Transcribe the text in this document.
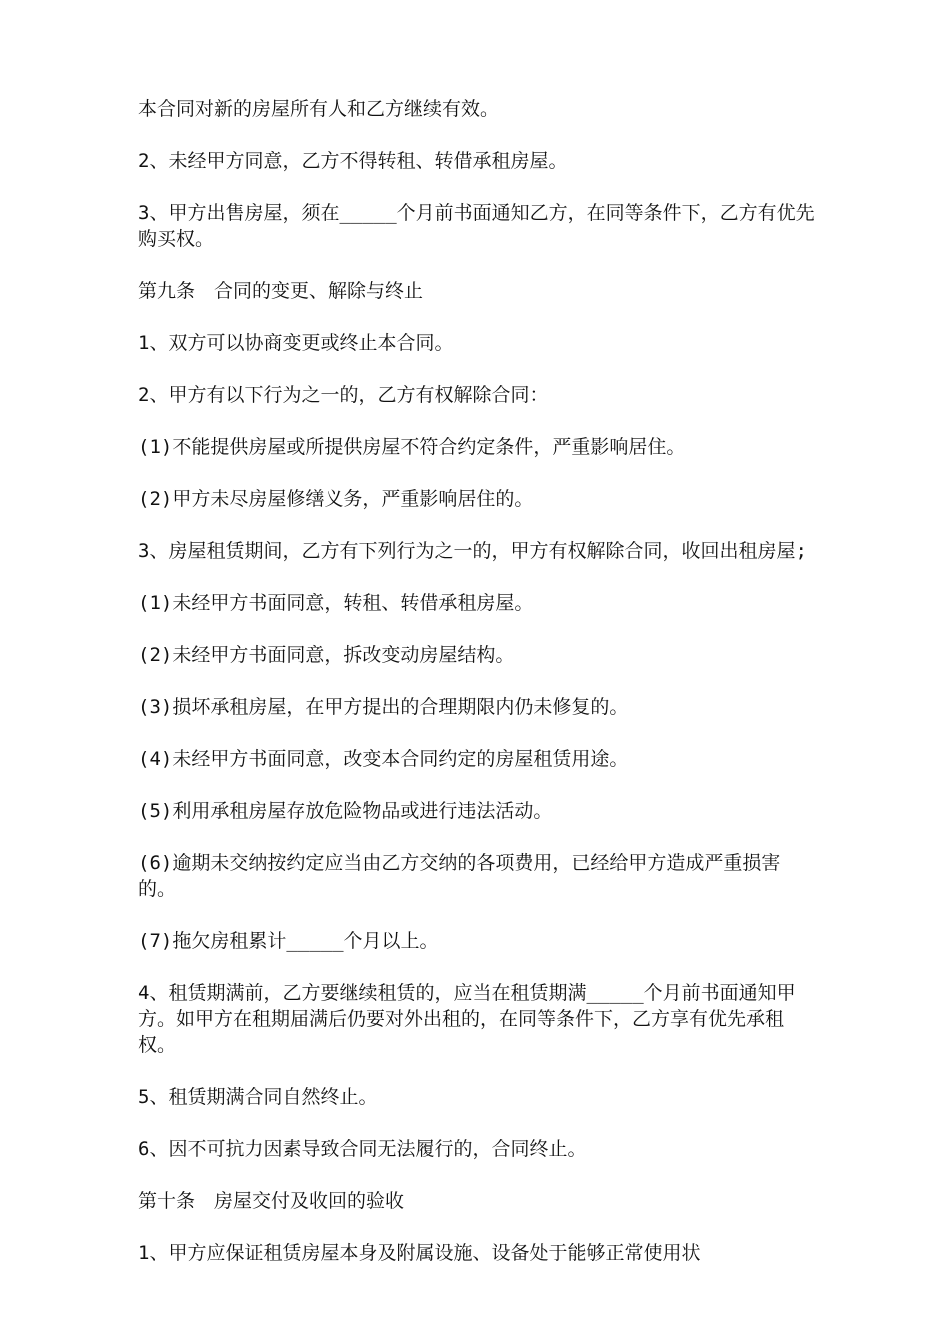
本合同对新的房屋所有人和乙方继续有效。

2、未经甲方同意，乙方不得转租、转借承租房屋。

3、甲方出售房屋，须在_____个月前书面通知乙方，在同等条件下，乙方有优先购买权。

第九条　合同的变更、解除与终止

1、双方可以协商变更或终止本合同。

2、甲方有以下行为之一的，乙方有权解除合同：

(1)不能提供房屋或所提供房屋不符合约定条件，严重影响居住。

(2)甲方未尽房屋修缮义务，严重影响居住的。

3、房屋租赁期间，乙方有下列行为之一的，甲方有权解除合同，收回出租房屋;

(1)未经甲方书面同意，转租、转借承租房屋。

(2)未经甲方书面同意，拆改变动房屋结构。

(3)损坏承租房屋，在甲方提出的合理期限内仍未修复的。

(4)未经甲方书面同意，改变本合同约定的房屋租赁用途。

(5)利用承租房屋存放危险物品或进行违法活动。

(6)逾期未交纳按约定应当由乙方交纳的各项费用，已经给甲方造成严重损害的。

(7)拖欠房租累计_____个月以上。

4、租赁期满前，乙方要继续租赁的，应当在租赁期满_____个月前书面通知甲方。如甲方在租期届满后仍要对外出租的，在同等条件下，乙方享有优先承租权。

5、租赁期满合同自然终止。

6、因不可抗力因素导致合同无法履行的，合同终止。

第十条　房屋交付及收回的验收

1、甲方应保证租赁房屋本身及附属设施、设备处于能够正常使用状
